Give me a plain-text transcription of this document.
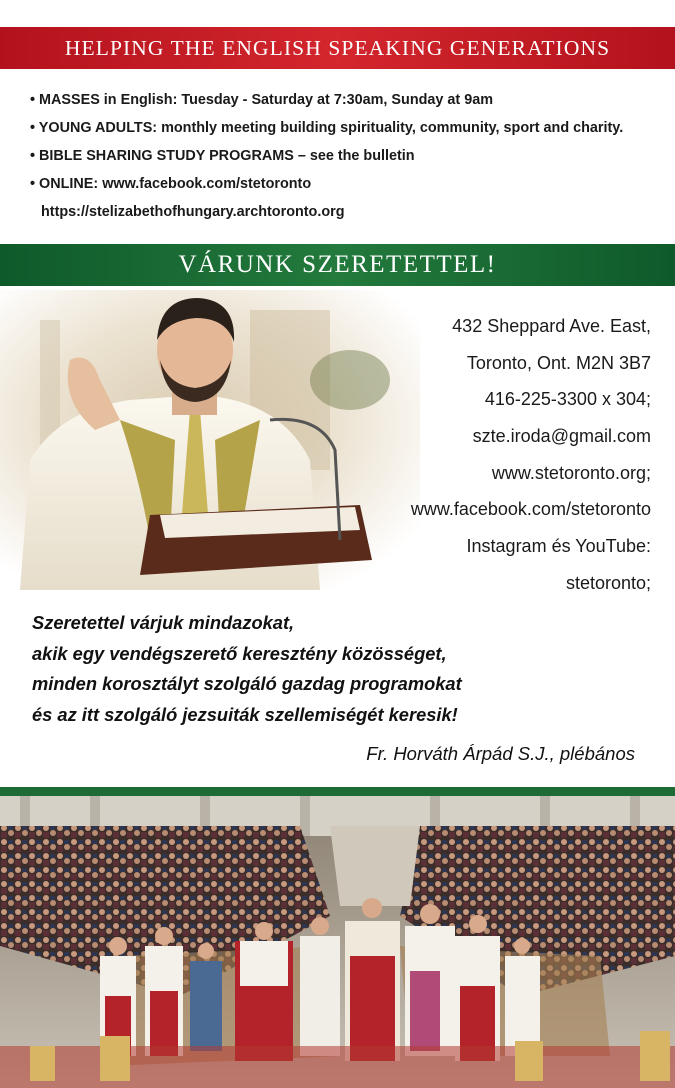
HELPING THE ENGLISH SPEAKING GENERATIONS
• MASSES in English: Tuesday - Saturday at 7:30am, Sunday at 9am
• YOUNG ADULTS: monthly meeting building spirituality, community, sport and charity.
• BIBLE SHARING STUDY PROGRAMS – see the bulletin
• ONLINE: www.facebook.com/stetoronto
https://stelizabethofhungary.archtoronto.org
VÁRUNK SZERETETTEL!
432 Sheppard Ave. East,
Toronto, Ont. M2N 3B7
416-225-3300 x 304;
szte.iroda@gmail.com
www.stetoronto.org;
www.facebook.com/stetoronto
Instagram és YouTube:
stetoronto;
Szeretettel várjuk mindazokat,
akik egy vendégszerető keresztény közösséget,
minden korosztályt szolgáló gazdag programokat
és az itt szolgáló jezsuiták szellemiségét keresik!
Fr. Horváth Árpád S.J., plébános
